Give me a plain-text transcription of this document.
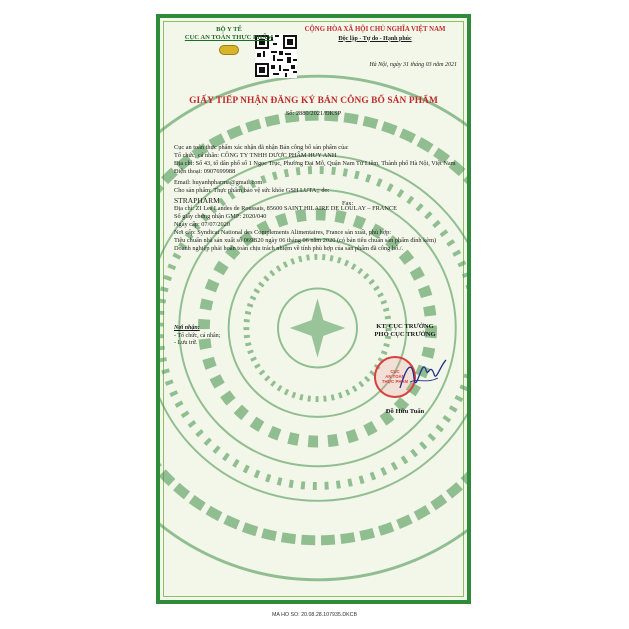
BỘ Y TẾ
CỤC AN TOÀN THỰC PHẨM
CỘNG HÒA XÃ HỘI CHỦ NGHĨA VIỆT NAM
Độc lập - Tự do - Hạnh phúc
Hà Nội, ngày 31 tháng 03 năm 2021
GIẤY TIẾP NHẬN ĐĂNG KÝ BẢN CÔNG BỐ SẢN PHẨM
Số: 2880/2021/ĐKSP

Cục an toàn thực phẩm xác nhận đã nhận Bản công bố sản phẩm của:

Tổ chức, cá nhân: CÔNG TY TNHH DƯỢC PHẨM HUY ANH

Địa chỉ: Số 43, tổ dân phố số 1 Ngọc Trục, Phường Đại Mỗ, Quận Nam Từ Liêm, Thành phố Hà Nội, Việt Nam

Điện thoại: 0907699988

Fax:

Email: huyanhpharma@gmail.com

Cho sản phẩm: Thực phẩm bảo vệ sức khỏe GSH LUTA;; do:

STRAPHARM

Địa chỉ: ZI Les Landes de Roussais, 85600 SAINT HILAIRE DE LOULAY – FRANCE

Số giấy chứng nhận GMP: 2020/040

Ngày cấp: 07/07/2020

Nơi cấp: Syndicat National des Complements Alimentaires, France sản xuất, phù hợp:

Tiêu chuẩn nhà sản xuất số 069B20 ngày 06 tháng 06 năm 2020 (có bản tiêu chuẩn sản phẩm đính kèm)

Doanh nghiệp phải hoàn toàn chịu trách nhiệm về tính phù hợp của sản phẩm đã công bố./.

Nơi nhận:
- Tổ chức, cá nhân;
- Lưu trữ.
KT. CỤC TRƯỞNG
PHÓ CỤC TRƯỞNG
CỤC
AN TOÀN
THỰC PHẨM
Đỗ Hữu Tuấn
MA HO SO: 20.08.28.107935.DKCB
